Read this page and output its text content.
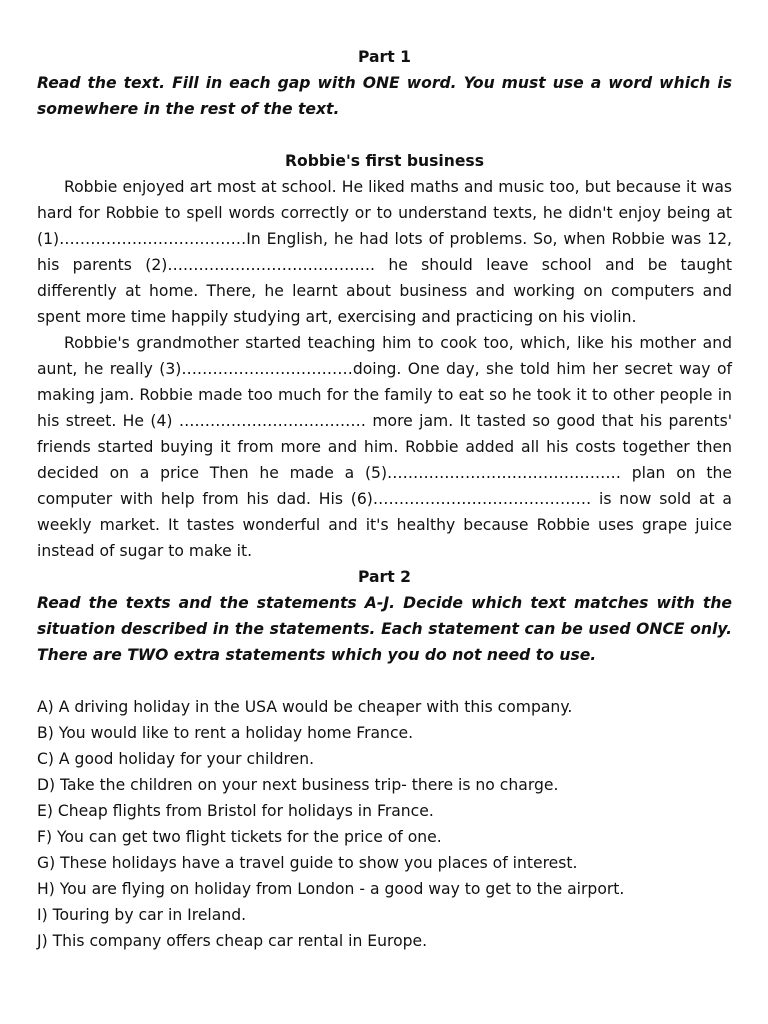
Part 1

Read the text. Fill in each gap with ONE word. You must use a word which is somewhere in the rest of the text.

Robbie's first business

Robbie enjoyed art most at school. He liked maths and music too, but because it was hard for Robbie to spell words correctly or to understand texts, he didn't enjoy being at (1)………………………………In English, he had lots of problems. So, when Robbie was 12, his parents (2)…………………………………. he should leave school and be taught differently at home. There, he learnt about business and working on computers and spent more time happily studying art, exercising and practicing on his violin.

Robbie's grandmother started teaching him to cook too, which, like his mother and aunt, he really (3)……………………………doing. One day, she told him her secret way of making jam. Robbie made too much for the family to eat so he took it to other people in his street. He (4) ……………………………… more jam. It tasted so good that his parents' friends started buying it from more and him. Robbie added all his costs together then decided on a price Then he made a (5)……………………………………… plan on the computer with help from his dad. His (6)…………………………………… is now sold at a weekly market. It tastes wonderful and it's healthy because Robbie uses grape juice instead of sugar to make it.

Part 2

Read the texts and the statements A-J. Decide which text matches with the situation described in the statements. Each statement can be used ONCE only. There are TWO extra statements which you do not need to use.

A) A driving holiday in the USA would be cheaper with this company.
B) You would like to rent a holiday home France.
C) A good holiday for your children.
D) Take the children on your next business trip- there is no charge.
E) Cheap flights from Bristol for holidays in France.
F) You can get two flight tickets for the price of one.
G) These holidays have a travel guide to show you places of interest.
H) You are flying on holiday from London - a good way to get to the airport.
I) Touring by car in Ireland.
J) This company offers cheap car rental in Europe.
